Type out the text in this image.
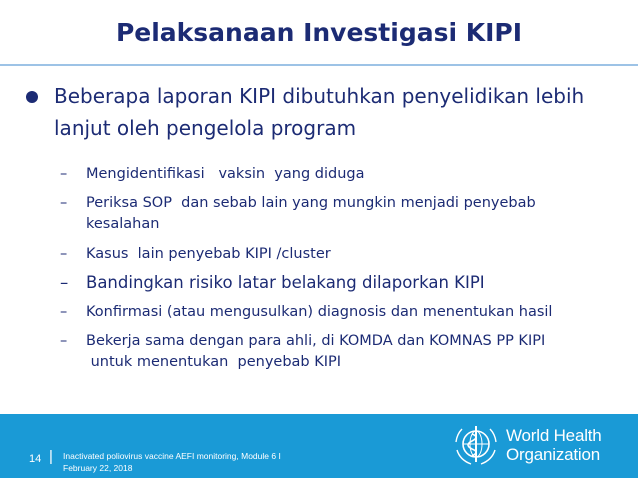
Pelaksanaan Investigasi KIPI
Beberapa laporan KIPI dibutuhkan penyelidikan lebih lanjut oleh pengelola program
–	Mengidentifikasi   vaksin  yang diduga
–	Periksa SOP  dan sebab lain yang mungkin menjadi penyebab
kesalahan
–	Kasus  lain penyebab KIPI /cluster
–	Bandingkan risiko latar belakang dilaporkan KIPI
–	Konfirmasi (atau mengusulkan) diagnosis dan menentukan hasil
–	Bekerja sama dengan para ahli, di KOMDA dan KOMNAS PP KIPI
untuk menentukan  penyebab KIPI
14 | Inactivated poliovirus vaccine AEFI monitoring, Module 6 I
February 22, 2018
World Health
Organization
